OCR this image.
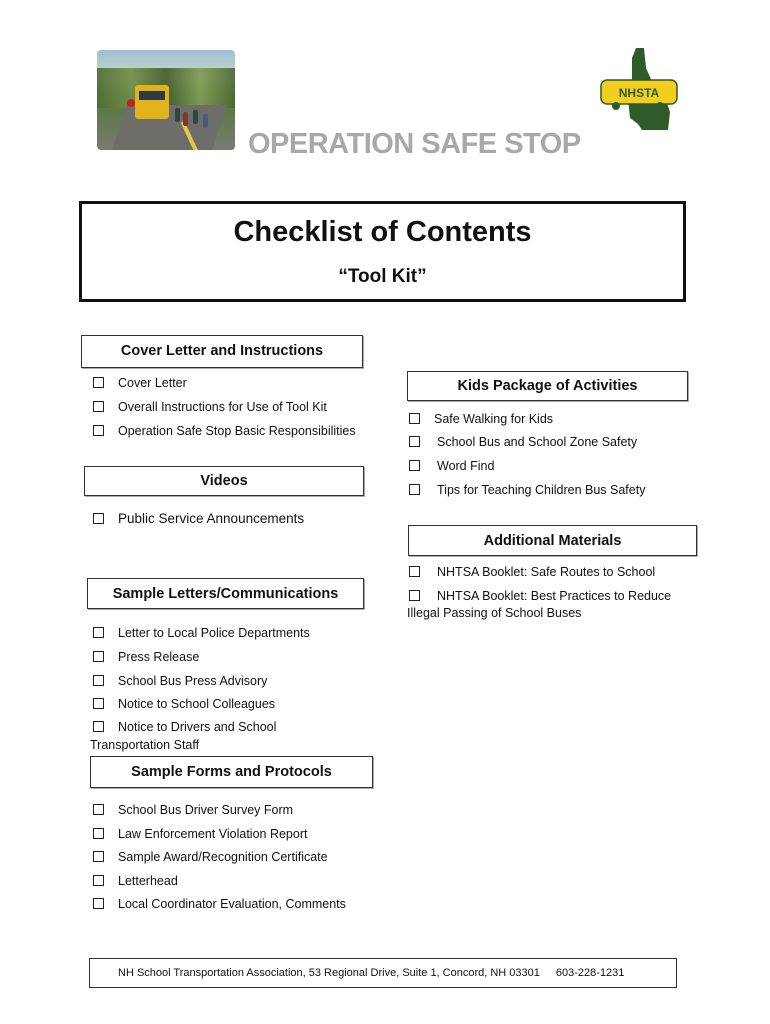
NHSTA
OPERATION SAFE STOP
Checklist of Contents
“Tool Kit”
Cover Letter and Instructions
Cover Letter
Overall Instructions for Use of Tool Kit
Operation Safe Stop Basic Responsibilities
Videos
Public Service Announcements
Sample Letters/Communications
Letter to Local Police Departments
Press Release
School Bus Press Advisory
Notice to School Colleagues
Notice to Drivers and School
Transportation Staff
Sample Forms and Protocols
School Bus Driver Survey Form
Law Enforcement Violation Report
Sample Award/Recognition Certificate
Letterhead
Local Coordinator Evaluation, Comments
Kids Package of Activities
Safe Walking for Kids
School Bus and School Zone Safety
Word Find
Tips for Teaching Children Bus Safety
Additional Materials
NHTSA Booklet: Safe Routes to School
NHTSA Booklet: Best Practices to Reduce
Illegal Passing of School Buses
NH School Transportation Association, 53 Regional Drive, Suite 1, Concord, NH 03301 603-228-1231
